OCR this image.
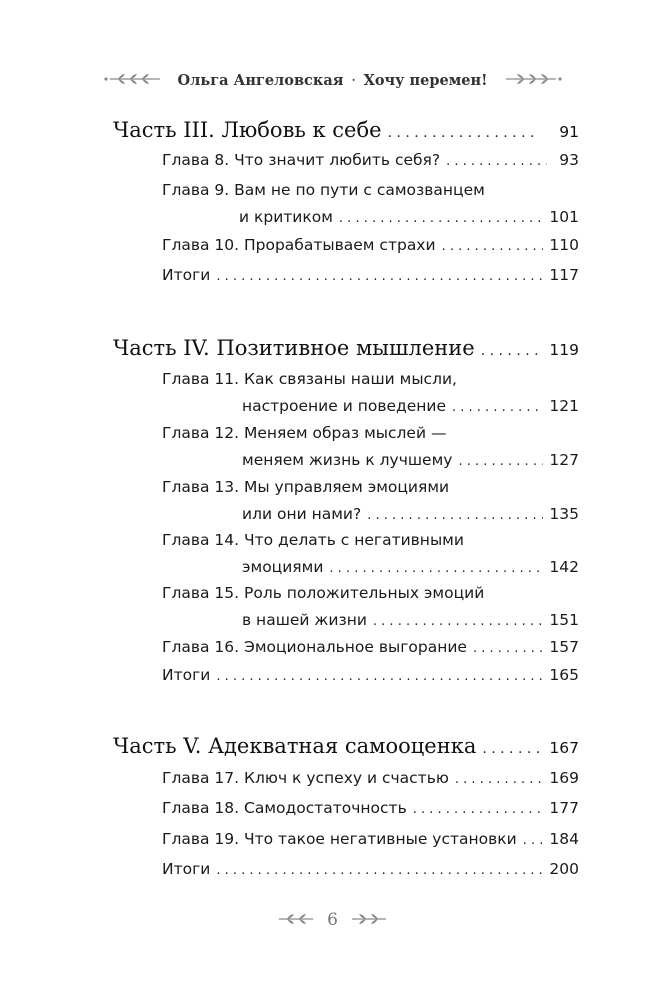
Ольга Ангеловская · Хочу перемен!
Часть III. Любовь к себе . . .	91
Глава 8. Что значит любить себя? . . .	93
Глава 9. Вам не по пути с самозванцем
и критиком . . .	101
Глава 10. Прорабатываем страхи . . .	110
Итоги . . .	117
Часть IV. Позитивное мышление . . .	119
Глава 11. Как связаны наши мысли,
настроение и поведение . . .	121
Глава 12. Меняем образ мыслей —
меняем жизнь к лучшему . . .	127
Глава 13. Мы управляем эмоциями
или они нами? . . .	135
Глава 14. Что делать с негативными
эмоциями . . .	142
Глава 15. Роль положительных эмоций
в нашей жизни . . .	151
Глава 16. Эмоциональное выгорание . . .	157
Итоги . . .	165
Часть V. Адекватная самооценка . . .	167
Глава 17. Ключ к успеху и счастью . . .	169
Глава 18. Самодостаточность . . .	177
Глава 19. Что такое негативные установки . . . 184
Итоги . . .	200
6
